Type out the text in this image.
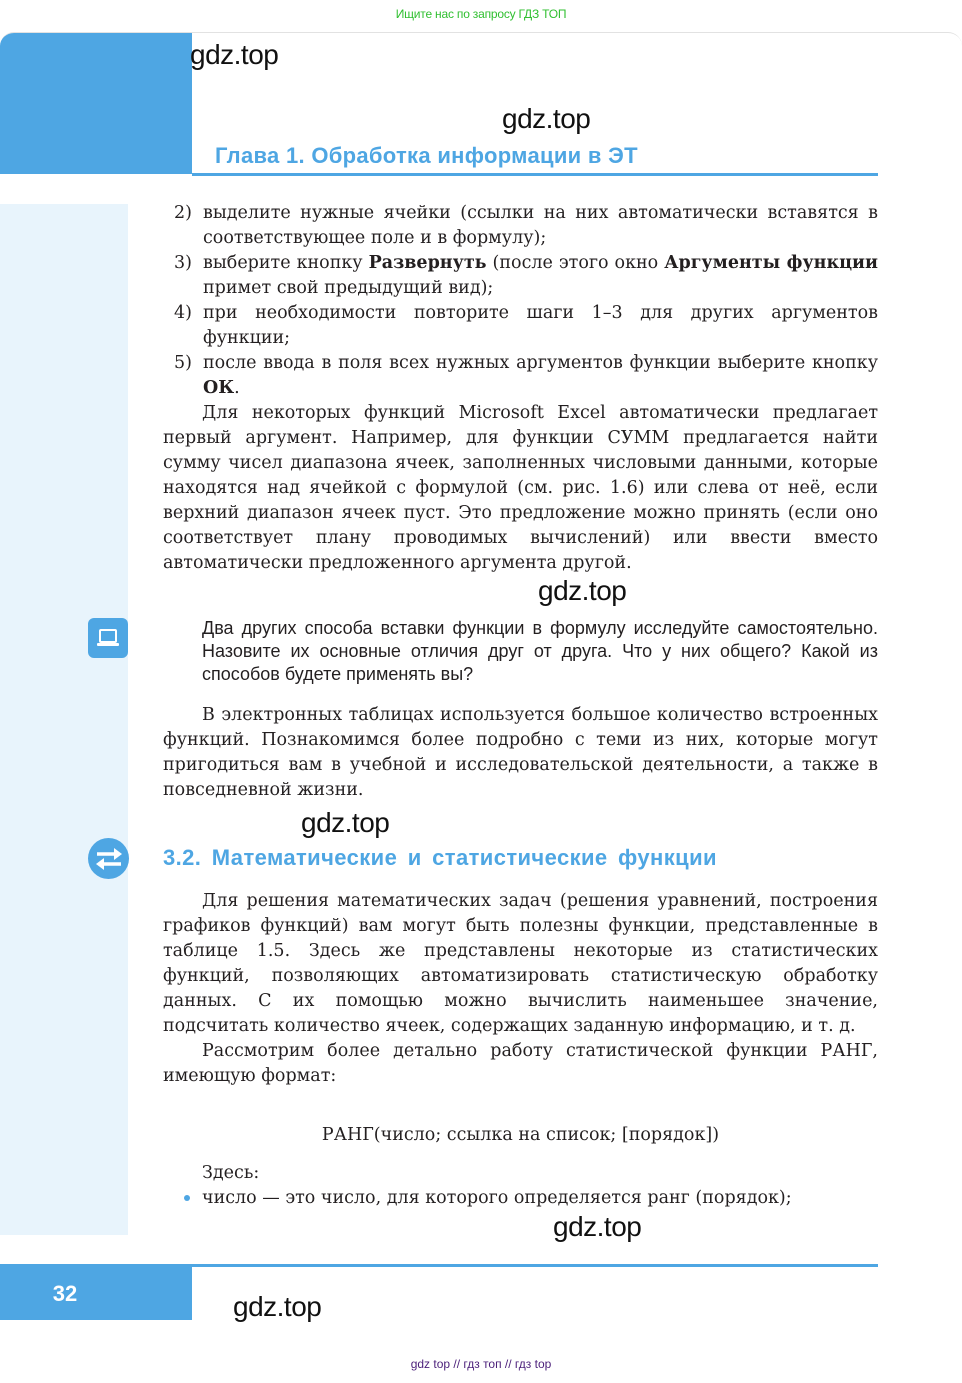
Ищите нас по запросу ГДЗ ТОП
Глава 1. Обработка информации в ЭТ
gdz.top
gdz.top

2) выделите нужные ячейки (ссылки на них автоматически вставятся в соответствующее поле и в формулу);

3) выберите кнопку Развернуть (после этого окно Аргументы функции примет свой предыдущий вид);

4) при необходимости повторите шаги 1–3 для других аргументов функции;

5) после ввода в поля всех нужных аргументов функции выберите кнопку ОК.

Для некоторых функций Microsoft Excel автоматически предлагает первый аргумент. Например, для функции СУММ предлагается найти сумму чисел диапазона ячеек, заполненных числовыми данными, которые находятся над ячейкой с формулой (см. рис. 1.6) или слева от неё, если верхний диапазон ячеек пуст. Это предложение можно принять (если оно соответствует плану проводимых вычислений) или ввести вместо автоматически предложенного аргумента другой.

gdz.top
Два других способа вставки функции в формулу исследуйте самостоятельно. Назовите их основные отличия друг от друга. Что у них общего? Какой из способов будете применять вы?

В электронных таблицах используется большое количество встроенных функций. Познакомимся более подробно с теми из них, которые могут пригодиться вам в учебной и исследовательской деятельности, а также в повседневной жизни.

gdz.top
3.2. Математические и статистические функции

Для решения математических задач (решения уравнений, построения графиков функций) вам могут быть полезны функции, представленные в таблице 1.5. Здесь же представлены некоторые из статистических функций, позволяющих автоматизировать статистическую обработку данных. С их помощью можно вычислить наименьшее значение, подсчитать количество ячеек, содержащих заданную информацию, и т. д.

Рассмотрим более детально работу статистической функции РАНГ, имеющую формат:

РАНГ(число; ссылка на список; [порядок])

Здесь:

число — это число, для которого определяется ранг (порядок);

gdz.top
32	gdz.top
gdz top // гдз топ // гдз top
